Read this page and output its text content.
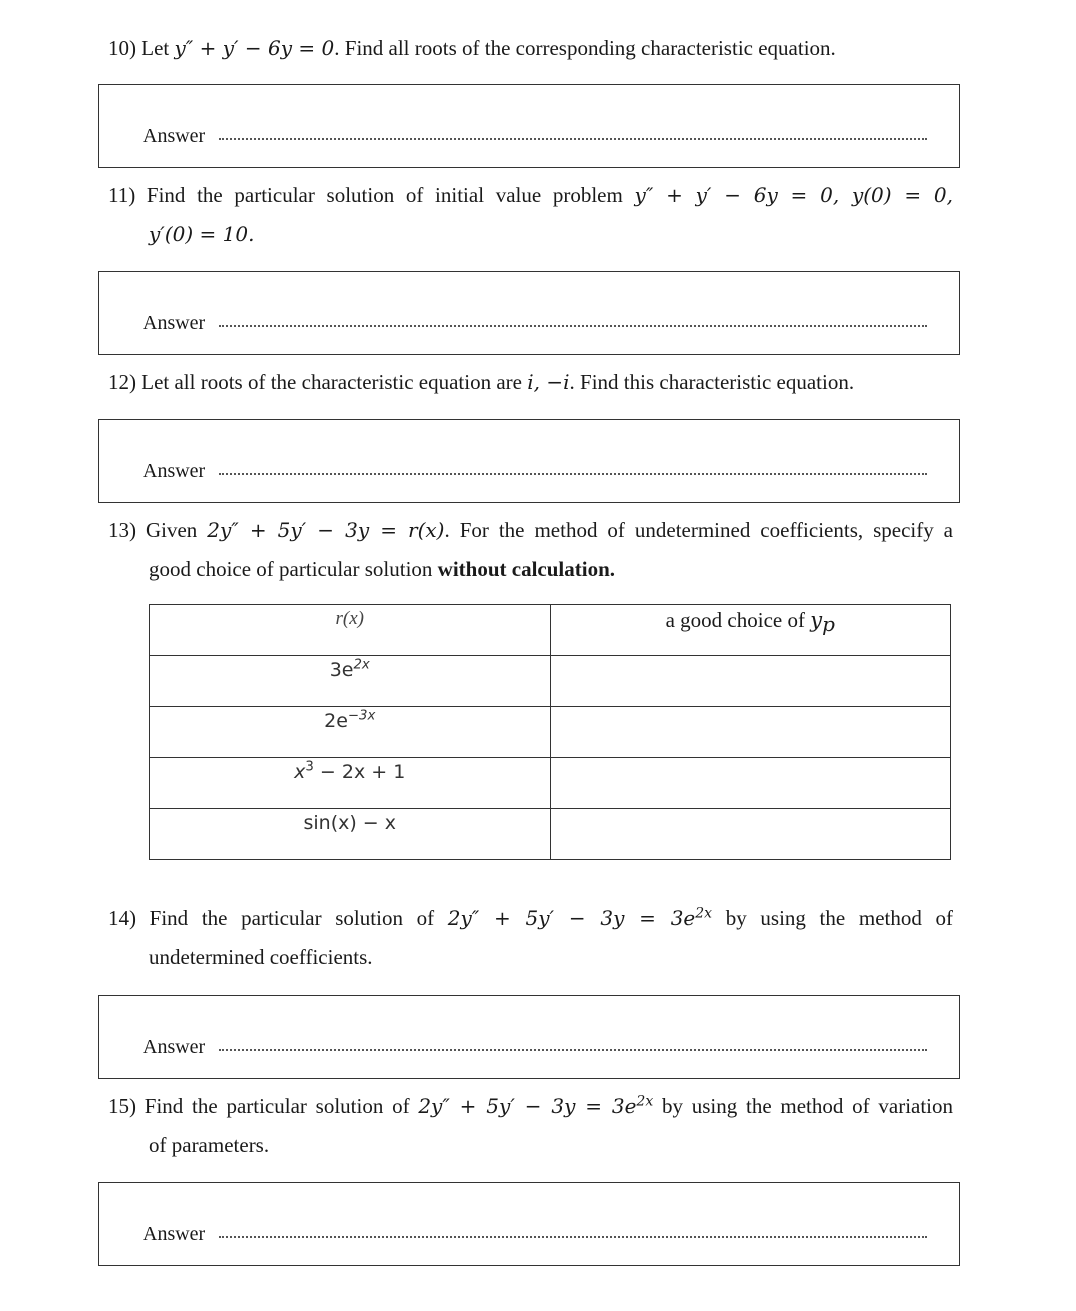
10) Let y″ + y′ − 6y = 0. Find all roots of the corresponding characteristic equation.
Answer
11) Find the particular solution of initial value problem y″ + y′ − 6y = 0, y(0) = 0,
y′(0) = 10.
Answer
12) Let all roots of the characteristic equation are i, −i. Find this characteristic equation.
Answer
13) Given 2y″ + 5y′ − 3y = r(x). For the method of undetermined coefficients, specify a
good choice of particular solution without calculation.
r(x)	a good choice of $y_p$
$3e^{2x}$	
$2e^{-3x}$	
$x^3 - 2x + 1$	
sin(x) − x	
14) Find the particular solution of $2y'' + 5y' - 3y = 3e^{2x}$ by using the method of
undetermined coefficients.
Answer
15) Find the particular solution of $2y'' + 5y' - 3y = 3e^{2x}$ by using the method of variation
of parameters.
Answer
